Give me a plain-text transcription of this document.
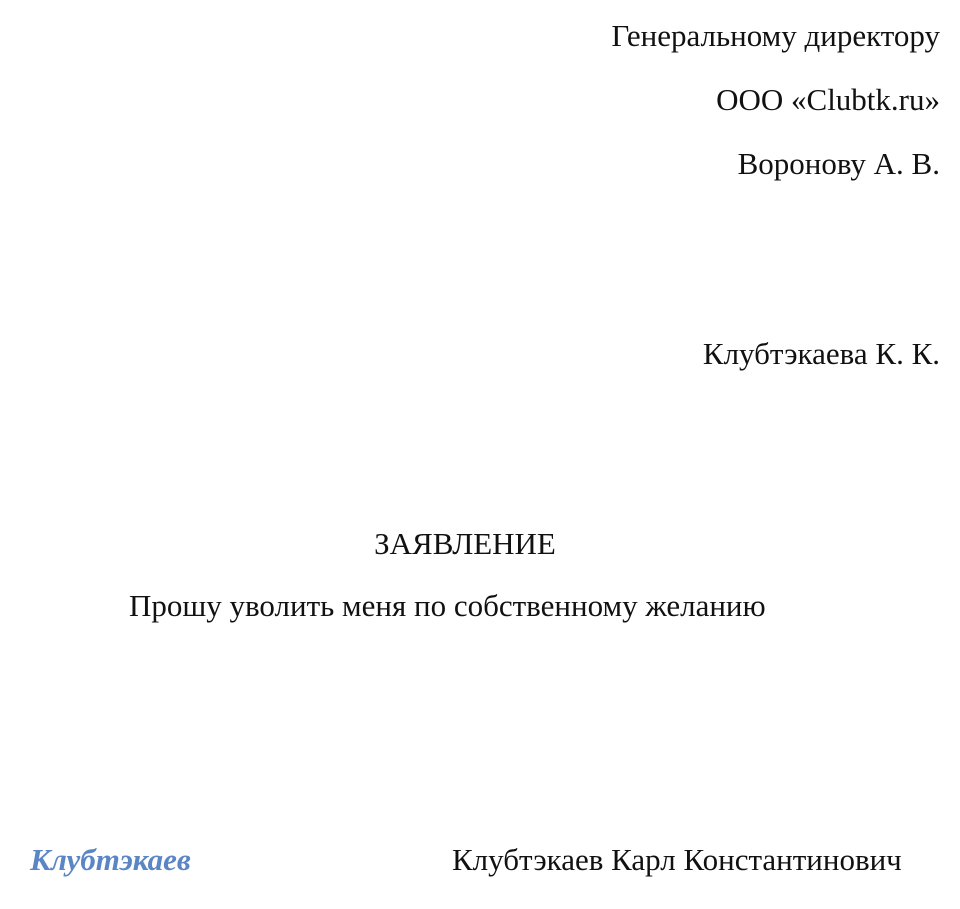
Генеральному директору
ООО «Clubtk.ru»
Воронову А. В.
Клубтэкаева К. К.
ЗАЯВЛЕНИЕ
Прошу уволить меня по собственному желанию
Клубтэкаев	Клубтэкаев Карл Константинович
